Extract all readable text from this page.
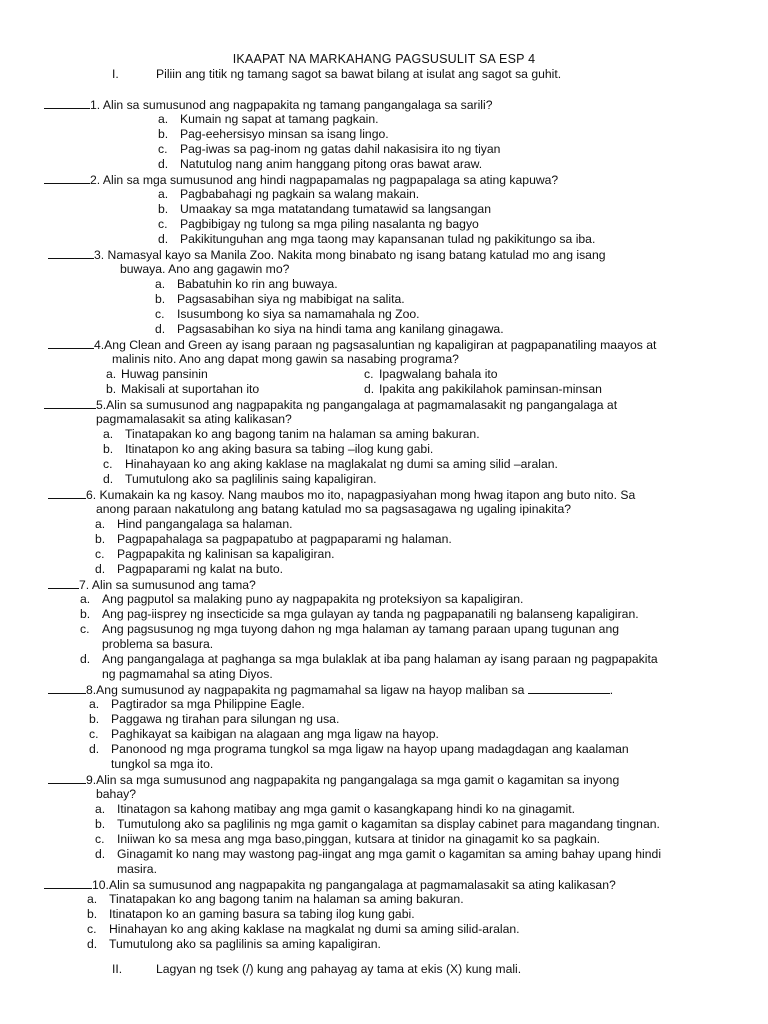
IKAAPAT NA MARKAHANG PAGSUSULIT SA ESP 4
I.	Piliin ang titik ng tamang sagot sa bawat bilang at isulat ang sagot sa guhit.
1. Alin sa sumusunod ang nagpapakita ng tamang pangangalaga sa sarili?
a. Kumain ng sapat at tamang pagkain.
b. Pag-eehersisyo minsan sa isang lingo.
c. Pag-iwas sa pag-inom ng gatas dahil nakasisira ito ng tiyan
d. Natutulog nang anim hanggang pitong oras bawat araw.
2. Alin sa mga sumusunod ang hindi nagpapamalas ng pagpapalaga sa ating kapuwa?
a. Pagbabahagi ng pagkain sa walang makain.
b. Umaakay sa mga matatandang tumatawid sa langsangan
c. Pagbibigay ng tulong sa mga piling nasalanta ng bagyo
d. Pakikitunguhan ang mga taong may kapansanan tulad ng pakikitungo sa iba.
3. Namasyal kayo sa Manila Zoo. Nakita mong binabato ng isang batang katulad mo ang isang
buwaya. Ano ang gagawin mo?
a. Babatuhin ko rin ang buwaya.
b. Pagsasabihan siya ng mabibigat na salita.
c. Isusumbong ko siya sa namamahala ng Zoo.
d. Pagsasabihan ko siya na hindi tama ang kanilang ginagawa.
4.Ang Clean and Green ay isang paraan ng pagsasaluntian ng kapaligiran at pagpapanatiling maayos at
malinis nito. Ano ang dapat mong gawin sa nasabing programa?
a. Huwag pansinin
b. Makisali at suportahan ito
c. Ipagwalang bahala ito
d. Ipakita ang pakikilahok paminsan-minsan
5.Alin sa sumusunod ang nagpapakita ng pangangalaga at pagmamalasakit ng pangangalaga at
pagmamalasakit sa ating kalikasan?
a. Tinatapakan ko ang bagong tanim na halaman sa aming bakuran.
b. Itinatapon ko ang aking basura sa tabing –ilog kung gabi.
c. Hinahayaan ko ang aking kaklase na maglakalat ng dumi sa aming silid –aralan.
d. Tumutulong ako sa paglilinis saing kapaligiran.
6. Kumakain ka ng kasoy. Nang maubos mo ito, napagpasiyahan mong hwag itapon ang buto nito. Sa
anong paraan nakatulong ang batang katulad mo sa pagsasagawa ng ugaling ipinakita?
a. Hind pangangalaga sa halaman.
b. Pagpapahalaga sa pagpapatubo at pagpaparami ng halaman.
c. Pagpapakita ng kalinisan sa kapaligiran.
d. Pagpaparami ng kalat na buto.
7. Alin sa sumusunod ang tama?
a. Ang pagputol sa malaking puno ay nagpapakita ng proteksiyon sa kapaligiran.
b. Ang pag-iisprey ng insecticide sa mga gulayan ay tanda ng pagpapanatili ng balanseng kapaligiran.
c. Ang pagsusunog ng mga tuyong dahon ng mga halaman ay tamang paraan upang tugunan ang
problema sa basura.
d. Ang pangangalaga at paghanga sa mga bulaklak at iba pang halaman ay isang paraan ng pagpapakita
ng pagmamahal sa ating Diyos.
8.Ang sumusunod ay nagpapakita ng pagmamahal sa ligaw na hayop maliban sa	.
a. Pagtirador sa mga Philippine Eagle.
b. Paggawa ng tirahan para silungan ng usa.
c. Paghikayat sa kaibigan na alagaan ang mga ligaw na hayop.
d. Panonood ng mga programa tungkol sa mga ligaw na hayop upang madagdagan ang kaalaman
tungkol sa mga ito.
9.Alin sa mga sumusunod ang nagpapakita ng pangangalaga sa mga gamit o kagamitan sa inyong
bahay?
a. Itinatagon sa kahong matibay ang mga gamit o kasangkapang hindi ko na ginagamit.
b. Tumutulong ako sa paglilinis ng mga gamit o kagamitan sa display cabinet para magandang tingnan.
c. Iniiwan ko sa mesa ang mga baso,pinggan, kutsara at tinidor na ginagamit ko sa pagkain.
d. Ginagamit ko nang may wastong pag-iingat ang mga gamit o kagamitan sa aming bahay upang hindi
masira.
10.Alin sa sumusunod ang nagpapakita ng pangangalaga at pagmamalasakit sa ating kalikasan?
a. Tinatapakan ko ang bagong tanim na halaman sa aming bakuran.
b. Itinatapon ko an gaming basura sa tabing ilog kung gabi.
c. Hinahayan ko ang aking kaklase na magkalat ng dumi sa aming silid-aralan.
d. Tumutulong ako sa paglilinis sa aming kapaligiran.
II.	Lagyan ng tsek (/) kung ang pahayag ay tama at ekis (X) kung mali.
